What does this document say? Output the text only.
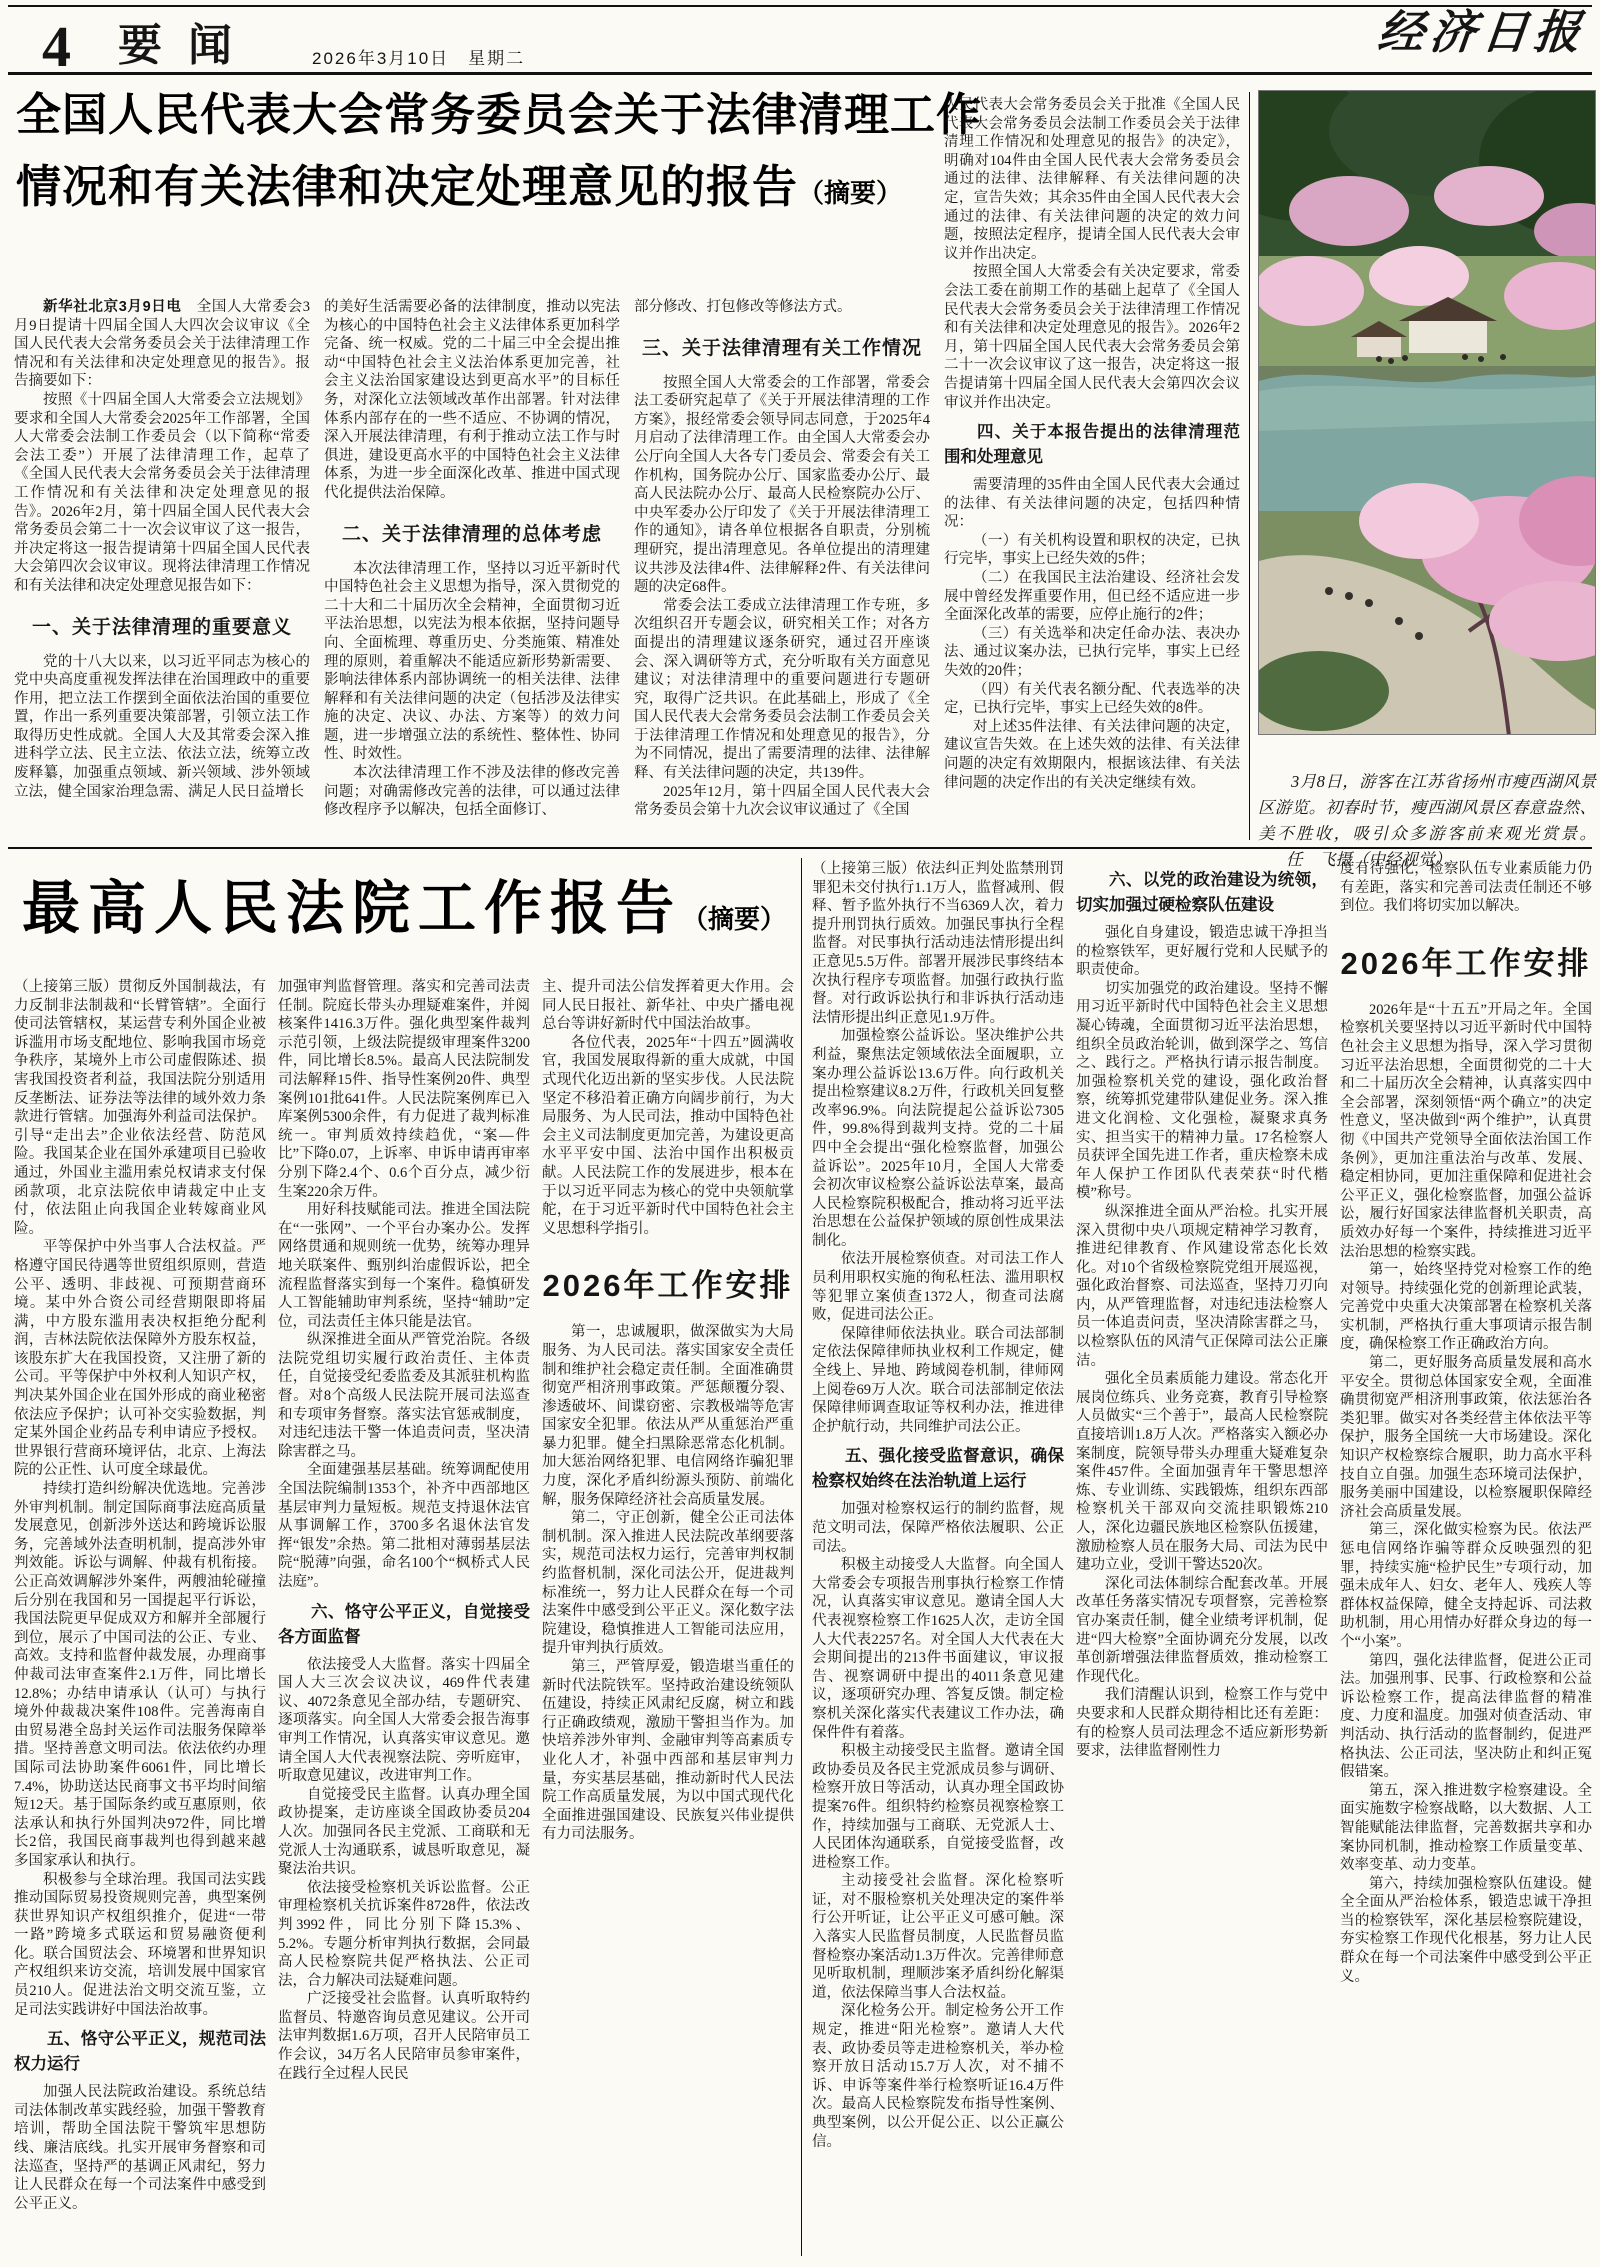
4 要闻	2026年3月10日　星期二
经济日报
全国人民代表大会常务委员会关于法律清理工作
情况和有关法律和决定处理意见的报告（摘要）

新华社北京3月9日电　全国人大常委会3月9日提请十四届全国人大四次会议审议《全国人民代表大会常务委员会关于法律清理工作情况和有关法律和决定处理意见的报告》。报告摘要如下：

按照《十四届全国人大常委会立法规划》要求和全国人大常委会2025年工作部署，全国人大常委会法制工作委员会（以下简称“常委会法工委”）开展了法律清理工作，起草了《全国人民代表大会常务委员会关于法律清理工作情况和有关法律和决定处理意见的报告》。2026年2月，第十四届全国人民代表大会常务委员会第二十一次会议审议了这一报告，并决定将这一报告提请第十四届全国人民代表大会第四次会议审议。现将法律清理工作情况和有关法律和决定处理意见报告如下：

一、关于法律清理的重要意义

党的十八大以来，以习近平同志为核心的党中央高度重视发挥法律在治国理政中的重要作用，把立法工作摆到全面依法治国的重要位置，作出一系列重要决策部署，引领立法工作取得历史性成就。全国人大及其常委会深入推进科学立法、民主立法、依法立法，统筹立改废释纂，加强重点领域、新兴领域、涉外领域立法，健全国家治理急需、满足人民日益增长

的美好生活需要必备的法律制度，推动以宪法为核心的中国特色社会主义法律体系更加科学完备、统一权威。党的二十届三中全会提出推动“中国特色社会主义法治体系更加完善，社会主义法治国家建设达到更高水平”的目标任务，对深化立法领域改革作出部署。针对法律体系内部存在的一些不适应、不协调的情况，深入开展法律清理，有利于推动立法工作与时俱进，建设更高水平的中国特色社会主义法律体系，为进一步全面深化改革、推进中国式现代化提供法治保障。

二、关于法律清理的总体考虑

本次法律清理工作，坚持以习近平新时代中国特色社会主义思想为指导，深入贯彻党的二十大和二十届历次全会精神，全面贯彻习近平法治思想，以宪法为根本依据，坚持问题导向、全面梳理、尊重历史、分类施策、精准处理的原则，着重解决不能适应新形势新需要、影响法律体系内部协调统一的相关法律、法律解释和有关法律问题的决定（包括涉及法律实施的决定、决议、办法、方案等）的效力问题，进一步增强立法的系统性、整体性、协同性、时效性。

本次法律清理工作不涉及法律的修改完善问题；对确需修改完善的法律，可以通过法律修改程序予以解决，包括全面修订、

部分修改、打包修改等修法方式。

三、关于法律清理有关工作情况

按照全国人大常委会的工作部署，常委会法工委研究起草了《关于开展法律清理的工作方案》，报经常委会领导同志同意，于2025年4月启动了法律清理工作。由全国人大常委会办公厅向全国人大各专门委员会、常委会有关工作机构，国务院办公厅、国家监委办公厅、最高人民法院办公厅、最高人民检察院办公厅、中央军委办公厅印发了《关于开展法律清理工作的通知》，请各单位根据各自职责，分别梳理研究，提出清理意见。各单位提出的清理建议共涉及法律4件、法律解释2件、有关法律问题的决定68件。

常委会法工委成立法律清理工作专班，多次组织召开专题会议，研究相关工作；对各方面提出的清理建议逐条研究，通过召开座谈会、深入调研等方式，充分听取有关方面意见建议；对法律清理中的重要问题进行专题研究，取得广泛共识。在此基础上，形成了《全国人民代表大会常务委员会法制工作委员会关于法律清理工作情况和处理意见的报告》，分为不同情况，提出了需要清理的法律、法律解释、有关法律问题的决定，共139件。

2025年12月，第十四届全国人民代表大会常务委员会第十九次会议审议通过了《全国

人民代表大会常务委员会关于批准《全国人民代表大会常务委员会法制工作委员会关于法律清理工作情况和处理意见的报告》的决定》，明确对104件由全国人民代表大会常务委员会通过的法律、法律解释、有关法律问题的决定，宣告失效；其余35件由全国人民代表大会通过的法律、有关法律问题的决定的效力问题，按照法定程序，提请全国人民代表大会审议并作出决定。

按照全国人大常委会有关决定要求，常委会法工委在前期工作的基础上起草了《全国人民代表大会常务委员会关于法律清理工作情况和有关法律和决定处理意见的报告》。2026年2月，第十四届全国人民代表大会常务委员会第二十一次会议审议了这一报告，决定将这一报告提请第十四届全国人民代表大会第四次会议审议并作出决定。

四、关于本报告提出的法律清理范围和处理意见

需要清理的35件由全国人民代表大会通过的法律、有关法律问题的决定，包括四种情况：

（一）有关机构设置和职权的决定，已执行完毕，事实上已经失效的5件；

（二）在我国民主法治建设、经济社会发展中曾经发挥重要作用，但已经不适应进一步全面深化改革的需要，应停止施行的2件；

（三）有关选举和决定任命办法、表决办法、通过议案办法，已执行完毕，事实上已经失效的20件；

（四）有关代表名额分配、代表选举的决定，已执行完毕，事实上已经失效的8件。

对上述35件法律、有关法律问题的决定，建议宣告失效。在上述失效的法律、有关法律问题的决定有效期限内，根据该法律、有关法律问题的决定作出的有关决定继续有效。	3月8日，游客在江苏省扬州市瘦西湖风景区游览。初春时节，瘦西湖风景区春意盎然、美不胜收，吸引众多游客前来观光赏景。任　飞摄（中经视觉）

最高人民法院工作报告（摘要）

（上接第三版）贯彻反外国制裁法，有力反制非法制裁和“长臂管辖”。全面行使司法管辖权，某运营专利外国企业被诉滥用市场支配地位、影响我国市场竞争秩序，某境外上市公司虚假陈述、损害我国投资者利益，我国法院分别适用反垄断法、证券法等法律的域外效力条款进行管辖。加强海外利益司法保护。引导“走出去”企业依法经营、防范风险。我国某企业在国外承建项目已验收通过，外国业主滥用索兑权请求支付保函款项，北京法院依申请裁定中止支付，依法阻止向我国企业转嫁商业风险。

平等保护中外当事人合法权益。严格遵守国民待遇等世贸组织原则，营造公平、透明、非歧视、可预期营商环境。某中外合资公司经营期限即将届满，中方股东滥用表决权拒绝分配利润，吉林法院依法保障外方股东权益，该股东扩大在我国投资，又注册了新的公司。平等保护中外权利人知识产权，判决某外国企业在国外形成的商业秘密依法应予保护；认可补交实验数据，判定某外国企业药品专利申请应予授权。世界银行营商环境评估，北京、上海法院的公正性、认可度全球最优。

持续打造纠纷解决优选地。完善涉外审判机制。制定国际商事法庭高质量发展意见，创新涉外送达和跨境诉讼服务，完善域外法查明机制，提高涉外审判效能。诉讼与调解、仲裁有机衔接。公正高效调解涉外案件，两艘油轮碰撞后分别在我国和另一国提起平行诉讼，我国法院更早促成双方和解并全部履行到位，展示了中国司法的公正、专业、高效。支持和监督仲裁发展，办理商事仲裁司法审查案件2.1万件，同比增长12.8%；办结申请承认（认可）与执行境外仲裁裁决案件108件。完善海南自由贸易港全岛封关运作司法服务保障举措。坚持善意文明司法。依法依约办理国际司法协助案件6061件，同比增长7.4%，协助送达民商事文书平均时间缩短12天。基于国际条约或互惠原则，依法承认和执行外国判决972件，同比增长2倍，我国民商事裁判也得到越来越多国家承认和执行。

积极参与全球治理。我国司法实践推动国际贸易投资规则完善，典型案例获世界知识产权组织推介，促进“一带一路”跨境多式联运和贸易融资便利化。联合国贸法会、环境署和世界知识产权组织来访交流，培训发展中国家官员210人。促进法治文明交流互鉴，立足司法实践讲好中国法治故事。

五、恪守公平正义，规范司法权力运行

加强人民法院政治建设。系统总结司法体制改革实践经验，加强干警教育培训，帮助全国法院干警筑牢思想防线、廉洁底线。扎实开展审务督察和司法巡查，坚持严的基调正风肃纪，努力让人民群众在每一个司法案件中感受到公平正义。

加强审判监督管理。落实和完善司法责任制。院庭长带头办理疑难案件，并阅核案件1416.3万件。强化典型案件裁判示范引领，上级法院提级审理案件3200件，同比增长8.5%。最高人民法院制发司法解释15件、指导性案例20件、典型案例101批641件。人民法院案例库已入库案例5300余件，有力促进了裁判标准统一。审判质效持续趋优，“案—件比”下降0.07，上诉率、申诉申请再审率分别下降2.4个、0.6个百分点，减少衍生案220余万件。

用好科技赋能司法。推进全国法院在“一张网”、一个平台办案办公。发挥网络贯通和规则统一优势，统筹办理异地关联案件、甄别纠治虚假诉讼，把全流程监督落实到每一个案件。稳慎研发人工智能辅助审判系统，坚持“辅助”定位，司法责任主体只能是法官。

纵深推进全面从严管党治院。各级法院党组切实履行政治责任、主体责任，自觉接受纪委监委及其派驻机构监督。对8个高级人民法院开展司法巡查和专项审务督察。落实法官惩戒制度，对违纪违法干警一体追责问责，坚决清除害群之马。

全面建强基层基础。统筹调配使用全国法院编制1353个，补齐中西部地区基层审判力量短板。规范支持退休法官从事调解工作，3700多名退休法官发挥“银发”余热。第二批相对薄弱基层法院“脱薄”向强，命名100个“枫桥式人民法庭”。

六、恪守公平正义，自觉接受各方面监督

依法接受人大监督。落实十四届全国人大三次会议决议，469件代表建议、4072条意见全部办结，专题研究、逐项落实。向全国人大常委会报告海事审判工作情况，认真落实审议意见。邀请全国人大代表视察法院、旁听庭审，听取意见建议，改进审判工作。

自觉接受民主监督。认真办理全国政协提案，走访座谈全国政协委员204人次。加强同各民主党派、工商联和无党派人士沟通联系，诚恳听取意见，凝聚法治共识。

依法接受检察机关诉讼监督。公正审理检察机关抗诉案件8728件，依法改判3992件，同比分别下降15.3%、5.2%。专题分析审判执行数据，会同最高人民检察院共促严格执法、公正司法，合力解决司法疑难问题。

广泛接受社会监督。认真听取特约监督员、特邀咨询员意见建议。公开司法审判数据1.6万项，召开人民陪审员工作会议，34万名人民陪审员参审案件，在践行全过程人民民

主、提升司法公信发挥着更大作用。会同人民日报社、新华社、中央广播电视总台等讲好新时代中国法治故事。

各位代表，2025年“十四五”圆满收官，我国发展取得新的重大成就，中国式现代化迈出新的坚实步伐。人民法院坚定不移沿着正确方向阔步前行，为大局服务、为人民司法，推动中国特色社会主义司法制度更加完善，为建设更高水平平安中国、法治中国作出积极贡献。人民法院工作的发展进步，根本在于以习近平同志为核心的党中央领航掌舵，在于习近平新时代中国特色社会主义思想科学指引。

2026年工作安排

第一，忠诚履职，做深做实为大局服务、为人民司法。落实国家安全责任制和维护社会稳定责任制。全面准确贯彻宽严相济刑事政策。严惩颠覆分裂、渗透破坏、间谍窃密、宗教极端等危害国家安全犯罪。依法从严从重惩治严重暴力犯罪。健全扫黑除恶常态化机制。加大惩治网络犯罪、电信网络诈骗犯罪力度，深化矛盾纠纷源头预防、前端化解，服务保障经济社会高质量发展。

第二，守正创新，健全公正司法体制机制。深入推进人民法院改革纲要落实，规范司法权力运行，完善审判权制约监督机制，深化司法公开，促进裁判标准统一，努力让人民群众在每一个司法案件中感受到公平正义。深化数字法院建设，稳慎推进人工智能司法应用，提升审判执行质效。

第三，严管厚爱，锻造堪当重任的新时代法院铁军。坚持政治建设统领队伍建设，持续正风肃纪反腐，树立和践行正确政绩观，激励干警担当作为。加快培养涉外审判、金融审判等高素质专业化人才，补强中西部和基层审判力量，夯实基层基础，推动新时代人民法院工作高质量发展，为以中国式现代化全面推进强国建设、民族复兴伟业提供有力司法服务。

（上接第三版）依法纠正判处监禁刑罚罪犯未交付执行1.1万人，监督减刑、假释、暂予监外执行不当6369人次，着力提升刑罚执行质效。加强民事执行全程监督。对民事执行活动违法情形提出纠正意见5.5万件。部署开展涉民事终结本次执行程序专项监督。加强行政执行监督。对行政诉讼执行和非诉执行活动违法情形提出纠正意见1.9万件。

加强检察公益诉讼。坚决维护公共利益，聚焦法定领域依法全面履职，立案办理公益诉讼13.6万件。向行政机关提出检察建议8.2万件，行政机关回复整改率96.9%。向法院提起公益诉讼7305件，99.8%得到裁判支持。党的二十届四中全会提出“强化检察监督，加强公益诉讼”。2025年10月，全国人大常委会初次审议检察公益诉讼法草案，最高人民检察院积极配合，推动将习近平法治思想在公益保护领域的原创性成果法制化。

依法开展检察侦查。对司法工作人员利用职权实施的徇私枉法、滥用职权等犯罪立案侦查1372人，彻查司法腐败，促进司法公正。

保障律师依法执业。联合司法部制定依法保障律师执业权利工作规定，健全线上、异地、跨域阅卷机制，律师网上阅卷69万人次。联合司法部制定依法保障律师调查取证等权利办法，推进律企护航行动，共同维护司法公正。

五、强化接受监督意识，确保检察权始终在法治轨道上运行

加强对检察权运行的制约监督，规范文明司法，保障严格依法履职、公正司法。

积极主动接受人大监督。向全国人大常委会专项报告刑事执行检察工作情况，认真落实审议意见。邀请全国人大代表视察检察工作1625人次，走访全国人大代表2257名。对全国人大代表在大会期间提出的213件书面建议，审议报告、视察调研中提出的4011条意见建议，逐项研究办理、答复反馈。制定检察机关深化落实代表建议工作办法，确保件件有着落。

积极主动接受民主监督。邀请全国政协委员及各民主党派成员参与调研、检察开放日等活动，认真办理全国政协提案76件。组织特约检察员视察检察工作，持续加强与工商联、无党派人士、人民团体沟通联系，自觉接受监督，改进检察工作。

主动接受社会监督。深化检察听证，对不服检察机关处理决定的案件举行公开听证，让公平正义可感可触。深入落实人民监督员制度，人民监督员监督检察办案活动1.3万件次。完善律师意见听取机制，理顺涉案矛盾纠纷化解渠道，依法保障当事人合法权益。

深化检务公开。制定检务公开工作规定，推进“阳光检察”。邀请人大代表、政协委员等走进检察机关，举办检察开放日活动15.7万人次，对不捕不诉、申诉等案件举行检察听证16.4万件次。最高人民检察院发布指导性案例、典型案例，以公开促公正、以公正赢公信。

六、以党的政治建设为统领，切实加强过硬检察队伍建设

强化自身建设，锻造忠诚干净担当的检察铁军，更好履行党和人民赋予的职责使命。

切实加强党的政治建设。坚持不懈用习近平新时代中国特色社会主义思想凝心铸魂，全面贯彻习近平法治思想，组织全员政治轮训，做到深学之、笃信之、践行之。严格执行请示报告制度。加强检察机关党的建设，强化政治督察，统筹抓党建带队建促业务。深入推进文化润检、文化强检，凝聚求真务实、担当实干的精神力量。17名检察人员获评全国先进工作者，重庆检察未成年人保护工作团队代表荣获“时代楷模”称号。

纵深推进全面从严治检。扎实开展深入贯彻中央八项规定精神学习教育，推进纪律教育、作风建设常态化长效化。对10个省级检察院党组开展巡视，强化政治督察、司法巡查，坚持刀刃向内，从严管理监督，对违纪违法检察人员一体追责问责，坚决清除害群之马，以检察队伍的风清气正保障司法公正廉洁。

强化全员素质能力建设。常态化开展岗位练兵、业务竞赛，教育引导检察人员做实“三个善于”，最高人民检察院直接培训1.8万人次。严格落实入额必办案制度，院领导带头办理重大疑难复杂案件457件。全面加强青年干警思想淬炼、专业训练、实践锻炼，组织东西部检察机关干部双向交流挂职锻炼210人，深化边疆民族地区检察队伍援建，激励检察人员在服务大局、司法为民中建功立业，受训干警达520次。

深化司法体制综合配套改革。开展改革任务落实情况专项督察，完善检察官办案责任制，健全业绩考评机制，促进“四大检察”全面协调充分发展，以改革创新增强法律监督质效，推动检察工作现代化。

我们清醒认识到，检察工作与党中央要求和人民群众期待相比还有差距：有的检察人员司法理念不适应新形势新要求，法律监督刚性力

度有待强化，检察队伍专业素质能力仍有差距，落实和完善司法责任制还不够到位。我们将切实加以解决。

2026年工作安排

2026年是“十五五”开局之年。全国检察机关要坚持以习近平新时代中国特色社会主义思想为指导，深入学习贯彻习近平法治思想，全面贯彻党的二十大和二十届历次全会精神，认真落实四中全会部署，深刻领悟“两个确立”的决定性意义，坚决做到“两个维护”，认真贯彻《中国共产党领导全面依法治国工作条例》，更加注重法治与改革、发展、稳定相协同，更加注重保障和促进社会公平正义，强化检察监督，加强公益诉讼，履行好国家法律监督机关职责，高质效办好每一个案件，持续推进习近平法治思想的检察实践。

第一，始终坚持党对检察工作的绝对领导。持续强化党的创新理论武装，完善党中央重大决策部署在检察机关落实机制，严格执行重大事项请示报告制度，确保检察工作正确政治方向。

第二，更好服务高质量发展和高水平安全。贯彻总体国家安全观，全面准确贯彻宽严相济刑事政策，依法惩治各类犯罪。做实对各类经营主体依法平等保护，服务全国统一大市场建设。深化知识产权检察综合履职，助力高水平科技自立自强。加强生态环境司法保护，服务美丽中国建设，以检察履职保障经济社会高质量发展。

第三，深化做实检察为民。依法严惩电信网络诈骗等群众反映强烈的犯罪，持续实施“检护民生”专项行动，加强未成年人、妇女、老年人、残疾人等群体权益保障，健全支持起诉、司法救助机制，用心用情办好群众身边的每一个“小案”。

第四，强化法律监督，促进公正司法。加强刑事、民事、行政检察和公益诉讼检察工作，提高法律监督的精准度、力度和温度。加强对侦查活动、审判活动、执行活动的监督制约，促进严格执法、公正司法，坚决防止和纠正冤假错案。

第五，深入推进数字检察建设。全面实施数字检察战略，以大数据、人工智能赋能法律监督，完善数据共享和办案协同机制，推动检察工作质量变革、效率变革、动力变革。

第六，持续加强检察队伍建设。健全全面从严治检体系，锻造忠诚干净担当的检察铁军，深化基层检察院建设，夯实检察工作现代化根基，努力让人民群众在每一个司法案件中感受到公平正义。
